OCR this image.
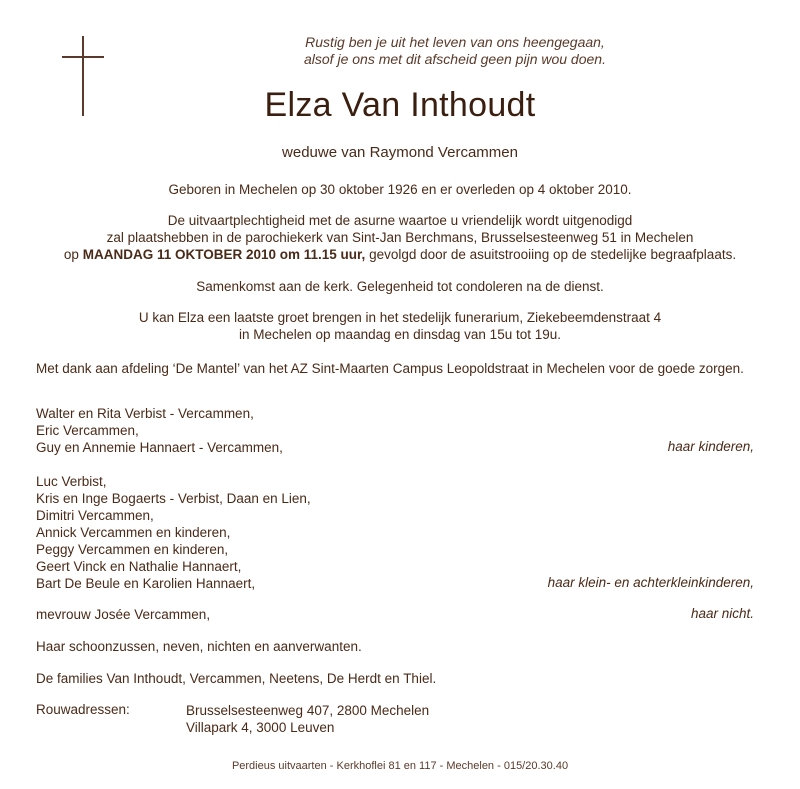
Rustig ben je uit het leven van ons heengegaan,
alsof je ons met dit afscheid geen pijn wou doen.
Elza Van Inthoudt
weduwe van Raymond Vercammen
Geboren in Mechelen op 30 oktober 1926 en er overleden op 4 oktober 2010.
De uitvaartplechtigheid met de asurne waartoe u vriendelijk wordt uitgenodigd
zal plaatshebben in de parochiekerk van Sint-Jan Berchmans, Brusselsesteenweg 51 in Mechelen
op MAANDAG 11 OKTOBER 2010 om 11.15 uur, gevolgd door de asuitstrooiing op de stedelijke begraafplaats.
Samenkomst aan de kerk. Gelegenheid tot condoleren na de dienst.
U kan Elza een laatste groet brengen in het stedelijk funerarium, Ziekebeemdenstraat 4
in Mechelen op maandag en dinsdag van 15u tot 19u.
Met dank aan afdeling ‘De Mantel’ van het AZ Sint-Maarten Campus Leopoldstraat in Mechelen voor de goede zorgen.
Walter en Rita Verbist - Vercammen,
Eric Vercammen,
Guy en Annemie Hannaert - Vercammen,	haar kinderen,
Luc Verbist,
Kris en Inge Bogaerts - Verbist, Daan en Lien,
Dimitri Vercammen,
Annick Vercammen en kinderen,
Peggy Vercammen en kinderen,
Geert Vinck en Nathalie Hannaert,
Bart De Beule en Karolien Hannaert,	haar klein- en achterkleinkinderen,
mevrouw Josée Vercammen,	haar nicht.
Haar schoonzussen, neven, nichten en aanverwanten.
De families Van Inthoudt, Vercammen, Neetens, De Herdt en Thiel.
Rouwadressen:	Brusselsesteenweg 407, 2800 Mechelen
Villapark 4, 3000 Leuven
Perdieus uitvaarten - Kerkhoflei 81 en 117 - Mechelen - 015/20.30.40
